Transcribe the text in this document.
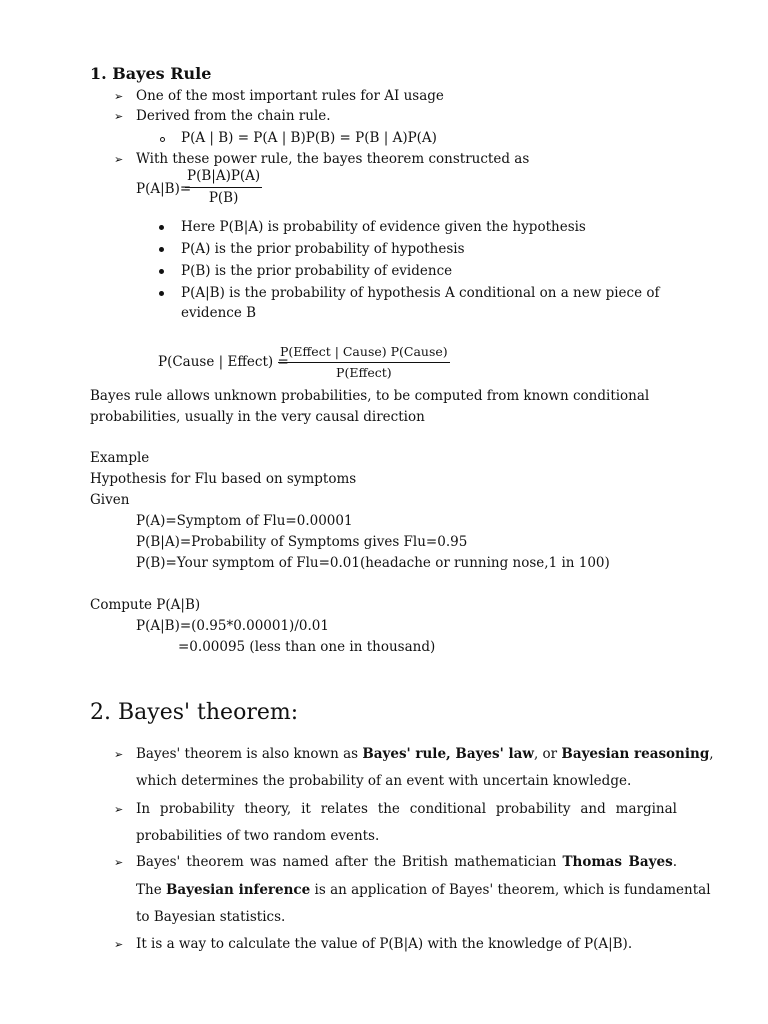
1. Bayes Rule
➢ One of the most important rules for AI usage
➢ Derived from the chain rule.
P(A | B) = P(A | B)P(B) = P(B | A)P(A)
➢ With these power rule, the bayes theorem constructed as
P(A|B)=
$\frac{P(B|A)P(A)}{P(B)}$
Here P(B|A) is probability of evidence given the hypothesis
P(A) is the prior probability of hypothesis
P(B) is the prior probability of evidence
P(A|B) is the probability of hypothesis A conditional on a new piece of
evidence B
P(Cause | Effect) =
P(Effect | Cause) P(Cause)
P(Effect)
Bayes rule allows unknown probabilities, to be computed from known conditional
probabilities, usually in the very causal direction
Example
Hypothesis for Flu based on symptoms
Given
P(A)=Symptom of Flu=0.00001
P(B|A)=Probability of Symptoms gives Flu=0.95
P(B)=Your symptom of Flu=0.01(headache or running nose,1 in 100)
Compute P(A|B)
P(A|B)=(0.95*0.00001)/0.01
=0.00095 (less than one in thousand)
2. Bayes' theorem:
➢ Bayes' theorem is also known as Bayes' rule, Bayes' law, or Bayesian reasoning,
which determines the probability of an event with uncertain knowledge.
➢ In probability theory, it relates the conditional probability and marginal
probabilities of two random events.
➢ Bayes' theorem was named after the British mathematician Thomas Bayes.
The Bayesian inference is an application of Bayes' theorem, which is fundamental
to Bayesian statistics.
➢ It is a way to calculate the value of P(B|A) with the knowledge of P(A|B).
